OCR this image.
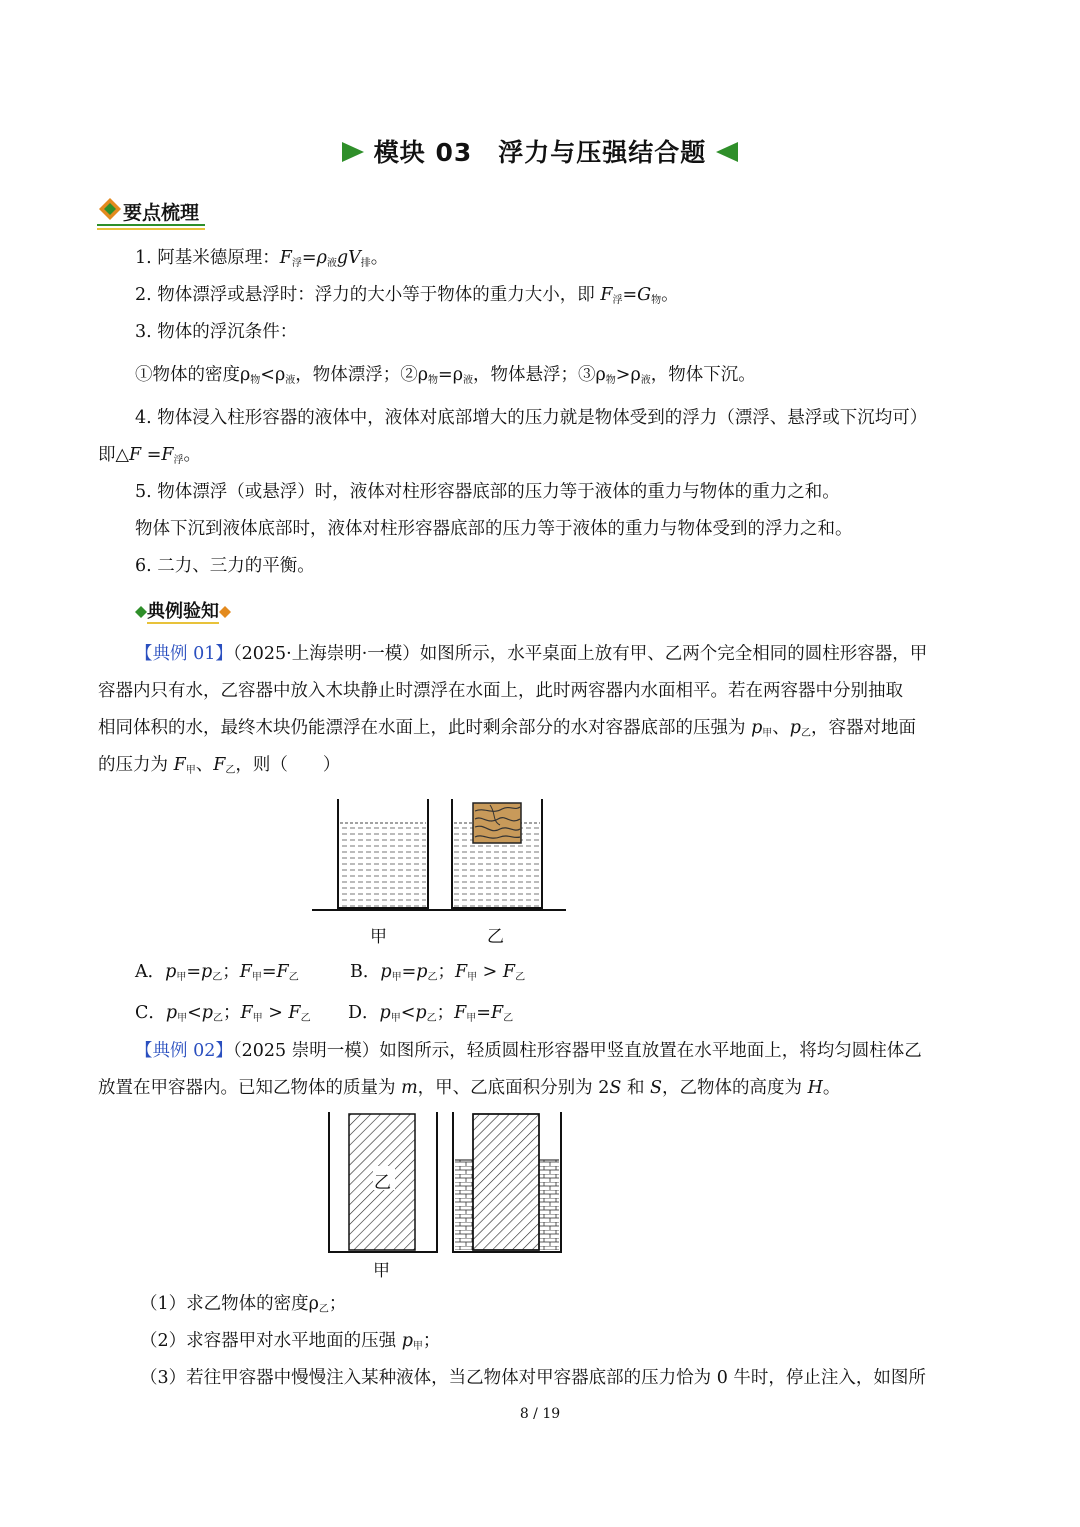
模块 03　浮力与压强结合题
要点梳理
1. 阿基米德原理：F浮=ρ液gV排。
2. 物体漂浮或悬浮时：浮力的大小等于物体的重力大小，即 F浮=G物。
3. 物体的浮沉条件：
①物体的密度ρ物<ρ液，物体漂浮；②ρ物=ρ液，物体悬浮；③ρ物>ρ液，物体下沉。
4. 物体浸入柱形容器的液体中，液体对底部增大的压力就是物体受到的浮力（漂浮、悬浮或下沉均可）
即△F =F浮。
5. 物体漂浮（或悬浮）时，液体对柱形容器底部的压力等于液体的重力与物体的重力之和。
物体下沉到液体底部时，液体对柱形容器底部的压力等于液体的重力与物体受到的浮力之和。
6. 二力、三力的平衡。
典例验知
【典例 01】（2025·上海崇明·一模）如图所示，水平桌面上放有甲、乙两个完全相同的圆柱形容器，甲
容器内只有水，乙容器中放入木块静止时漂浮在水面上，此时两容器内水面相平。若在两容器中分别抽取
相同体积的水，最终木块仍能漂浮在水面上，此时剩余部分的水对容器底部的压强为 p甲、p乙，容器对地面
的压力为 F甲、F乙，则（　　）
甲	乙
A．p甲=p乙；F甲=F乙	B．p甲=p乙；F甲 > F乙
C．p甲<p乙；F甲 > F乙 D．p甲<p乙；F甲=F乙
【典例 02】（2025 崇明一模）如图所示，轻质圆柱形容器甲竖直放置在水平地面上，将均匀圆柱体乙
放置在甲容器内。已知乙物体的质量为 m，甲、乙底面积分别为 2S 和 S，乙物体的高度为 H。
乙
甲
（1）求乙物体的密度ρ乙；
（2）求容器甲对水平地面的压强 p甲；
（3）若往甲容器中慢慢注入某种液体，当乙物体对甲容器底部的压力恰为 0 牛时，停止注入，如图所
8 / 19
